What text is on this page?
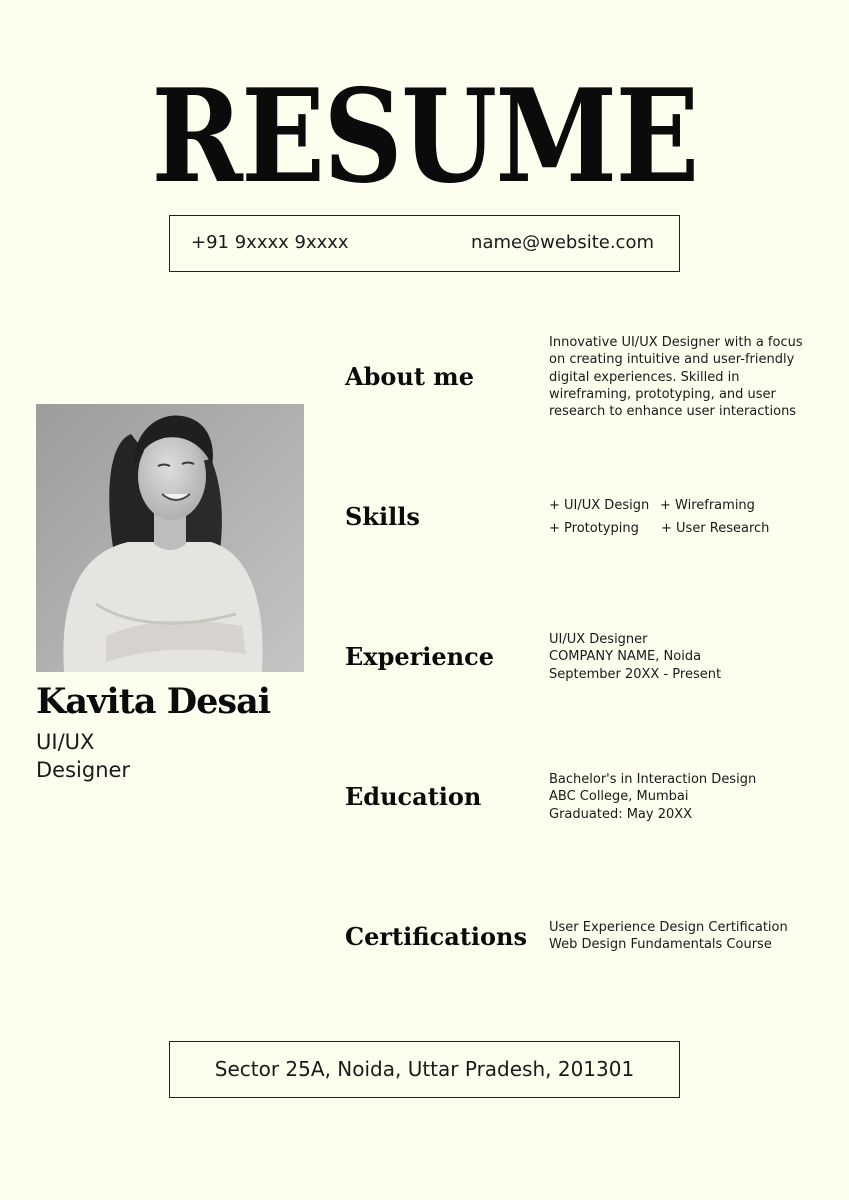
RESUME
+91 9xxxx 9xxxx	name@website.com
Kavita Desai
UI/UX
Designer
About me
Innovative UI/UX Designer with a focus
on creating intuitive and user-friendly
digital experiences. Skilled in
wireframing, prototyping, and user
research to enhance user interactions
Skills	+ UI/UX Design + Wireframing
+ Prototyping + User Research
Experience
UI/UX Designer
COMPANY NAME, Noida
September 20XX - Present
Education
Bachelor's in Interaction Design
ABC College, Mumbai
Graduated: May 20XX
Certifications User Experience Design Certification
Web Design Fundamentals Course
Sector 25A, Noida, Uttar Pradesh, 201301
